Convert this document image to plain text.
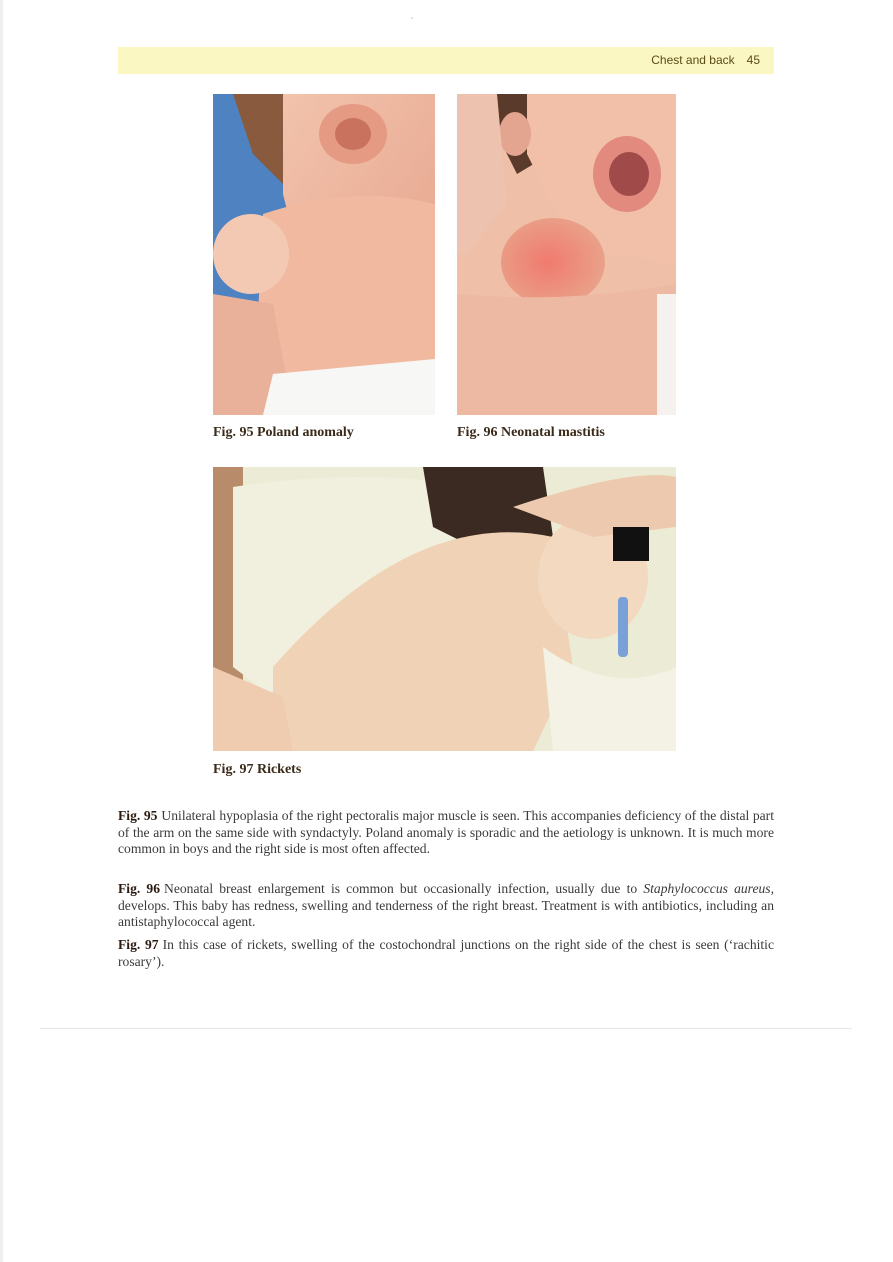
Chest and back 45
Fig. 95 Poland anomaly	Fig. 96 Neonatal mastitis
Fig. 97 Rickets

Fig. 95 Unilateral hypoplasia of the right pectoralis major muscle is seen. This accompanies deficiency of the distal part of the arm on the same side with syndactyly. Poland anomaly is sporadic and the aetiology is unknown. It is much more common in boys and the right side is most often affected.

Fig. 96 Neonatal breast enlargement is common but occasionally infection, usually due to Staphylococcus aureus, develops. This baby has redness, swelling and tenderness of the right breast. Treatment is with antibiotics, including an antistaphylococcal agent.

Fig. 97 In this case of rickets, swelling of the costochondral junctions on the right side of the chest is seen (‘rachitic rosary’).
